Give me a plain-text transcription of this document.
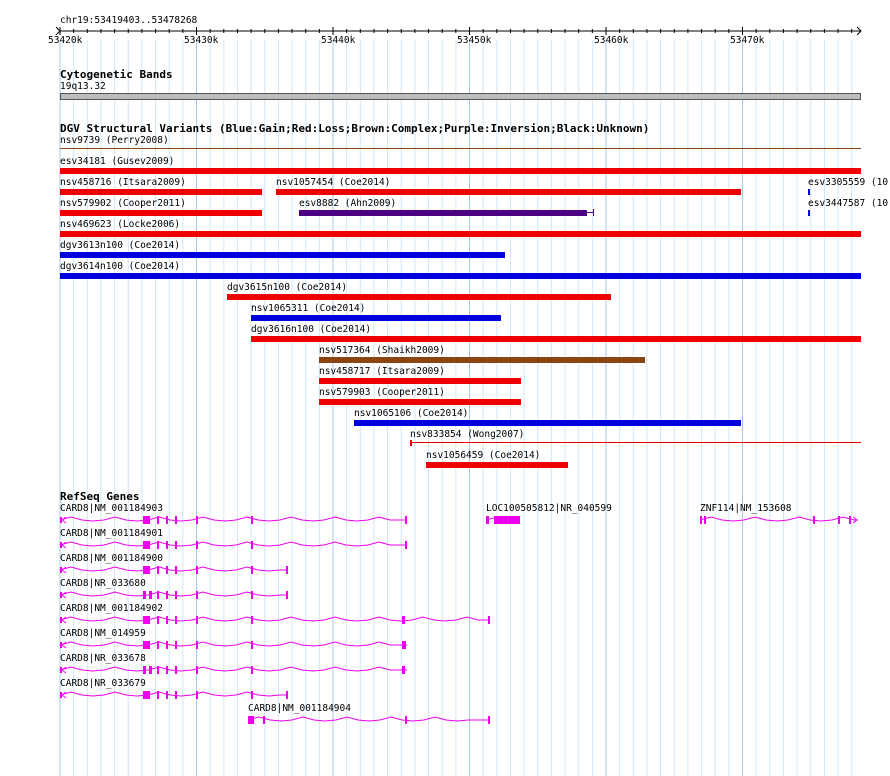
chr19:53419403..53478268
53420k	53430k	53440k	53450k	53460k	53470k
Cytogenetic Bands
19q13.32
DGV Structural Variants (Blue:Gain;Red:Loss;Brown:Complex;Purple:Inversion;Black:Unknown)
nsv9739 (Perry2008)
esv34181 (Gusev2009)
nsv458716 (Itsara2009)	nsv1057454 (Coe2014)	esv3305559 (10
nsv579902 (Cooper2011)	esv8882 (Ahn2009)	esv3447587 (10
nsv469623 (Locke2006)
dgv3613n100 (Coe2014)
dgv3614n100 (Coe2014)
dgv3615n100 (Coe2014)
nsv1065311 (Coe2014)
dgv3616n100 (Coe2014)
nsv517364 (Shaikh2009)
nsv458717 (Itsara2009)
nsv579903 (Cooper2011)
nsv1065106 (Coe2014)
nsv833854 (Wong2007)
nsv1056459 (Coe2014)
RefSeq Genes
CARD8|NM_001184903	LOC100505812|NR_040599	ZNF114|NM_153608
CARD8|NM_001184901
CARD8|NM_001184900
CARD8|NR_033680
CARD8|NM_001184902
CARD8|NM_014959
CARD8|NR_033678
CARD8|NR_033679
CARD8|NM_001184904
